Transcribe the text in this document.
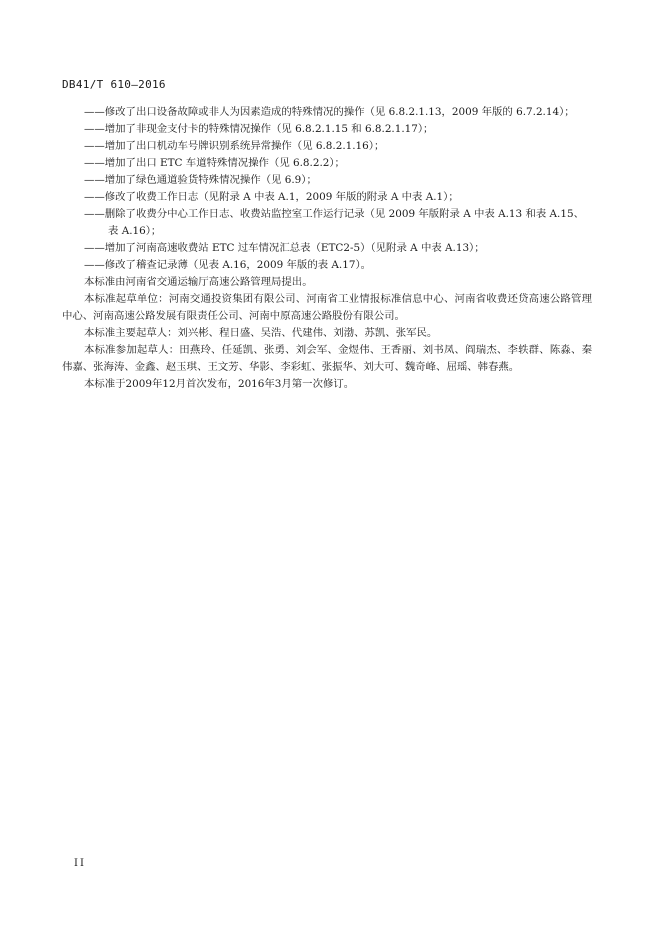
DB41/T 610—2016

——修改了出口设备故障或非人为因素造成的特殊情况的操作（见 6.8.2.1.13，2009 年版的 6.7.2.14）；

——增加了非现金支付卡的特殊情况操作（见 6.8.2.1.15 和 6.8.2.1.17）；

——增加了出口机动车号牌识别系统异常操作（见 6.8.2.1.16）；

——增加了出口 ETC 车道特殊情况操作（见 6.8.2.2）；

——增加了绿色通道验货特殊情况操作（见 6.9）；

——修改了收费工作日志（见附录 A 中表 A.1，2009 年版的附录 A 中表 A.1）；

——删除了收费分中心工作日志、收费站监控室工作运行记录（见 2009 年版附录 A 中表 A.13 和表 A.15、表 A.16）；

——增加了河南高速收费站 ETC 过车情况汇总表（ETC2-5）（见附录 A 中表 A.13）；

——修改了稽查记录薄（见表 A.16，2009 年版的表 A.17）。

本标准由河南省交通运输厅高速公路管理局提出。

本标准起草单位：河南交通投资集团有限公司、河南省工业情报标准信息中心、河南省收费还贷高速公路管理中心、河南高速公路发展有限责任公司、河南中原高速公路股份有限公司。

本标准主要起草人：刘兴彬、程日盛、吴浩、代建伟、刘渤、苏凯、张军民。

本标准参加起草人：田燕玲、任延凯、张勇、刘会军、金煜伟、王香丽、刘书凤、阎瑞杰、李轶群、陈淼、秦伟嘉、张海涛、金鑫、赵玉琪、王文芳、华影、李彩虹、张振华、刘大可、魏奇峰、屈瑶、韩春燕。

本标准于2009年12月首次发布，2016年3月第一次修订。

II
